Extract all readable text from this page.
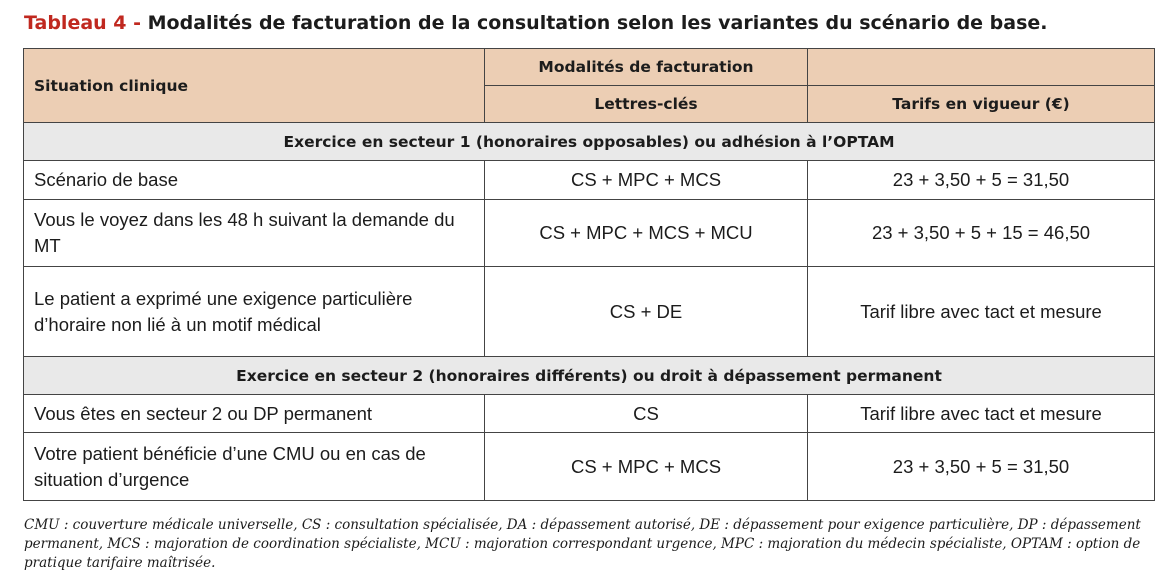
Tableau 4 - Modalités de facturation de la consultation selon les variantes du scénario de base.
Situation clinique	Modalités de facturation	
	Lettres-clés	Tarifs en vigueur (€)
Exercice en secteur 1 (honoraires opposables) ou adhésion à l’OPTAM		
Scénario de base	CS + MPC + MCS	23 + 3,50 + 5 = 31,50
Vous le voyez dans les 48 h suivant la demande du MT	CS + MPC + MCS + MCU	23 + 3,50 + 5 + 15 = 46,50
Le patient a exprimé une exigence particulière d’horaire non lié à un motif médical	CS + DE	Tarif libre avec tact et mesure
Exercice en secteur 2 (honoraires différents) ou droit à dépassement permanent		
Vous êtes en secteur 2 ou DP permanent	CS	Tarif libre avec tact et mesure
Votre patient bénéficie d’une CMU ou en cas de situation d’urgence	CS + MPC + MCS	23 + 3,50 + 5 = 31,50
CMU : couverture médicale universelle, CS : consultation spécialisée, DA : dépassement autorisé, DE : dépassement pour exigence particulière, DP : dépassement permanent, MCS : majoration de coordination spécialiste, MCU : majoration correspondant urgence, MPC : majoration du médecin spécialiste, OPTAM : option de pratique tarifaire maîtrisée.
